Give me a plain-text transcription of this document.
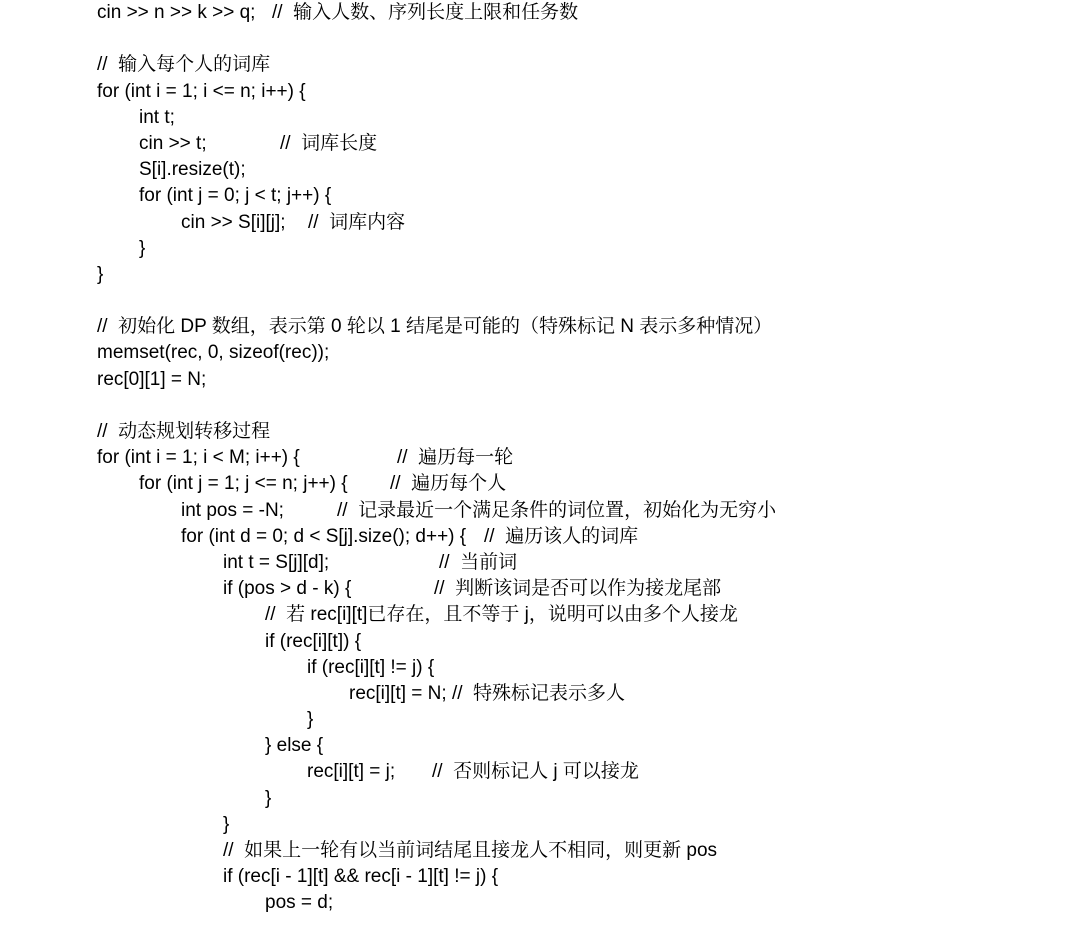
cin >> n >> k >> q; //  输入人数、序列长度上限和任务数
//  输入每个人的词库
for (int i = 1; i <= n; i++) {
int t;
cin >> t;	//  词库长度
S[i].resize(t);
for (int j = 0; j < t; j++) {
cin >> S[i][j]; //  词库内容
}
}
//  初始化 DP 数组，表示第 0 轮以 1 结尾是可能的（特殊标记 N 表示多种情况）
memset(rec, 0, sizeof(rec));
rec[0][1] = N;
//  动态规划转移过程
for (int i = 1; i < M; i++) {	//  遍历每一轮
for (int j = 1; j <= n; j++) { //  遍历每个人
int pos = -N;	//  记录最近一个满足条件的词位置，初始化为无穷小
for (int d = 0; d < S[j].size(); d++) { //  遍历该人的词库
int t = S[j][d];	//  当前词
if (pos > d - k) {	//  判断该词是否可以作为接龙尾部
//  若 rec[i][t]已存在，且不等于 j，说明可以由多个人接龙
if (rec[i][t]) {
if (rec[i][t] != j) {
rec[i][t] = N; //  特殊标记表示多人
}
} else {
rec[i][t] = j; //  否则标记人 j 可以接龙
}
}
//  如果上一轮有以当前词结尾且接龙人不相同，则更新 pos
if (rec[i - 1][t] && rec[i - 1][t] != j) {
pos = d;
